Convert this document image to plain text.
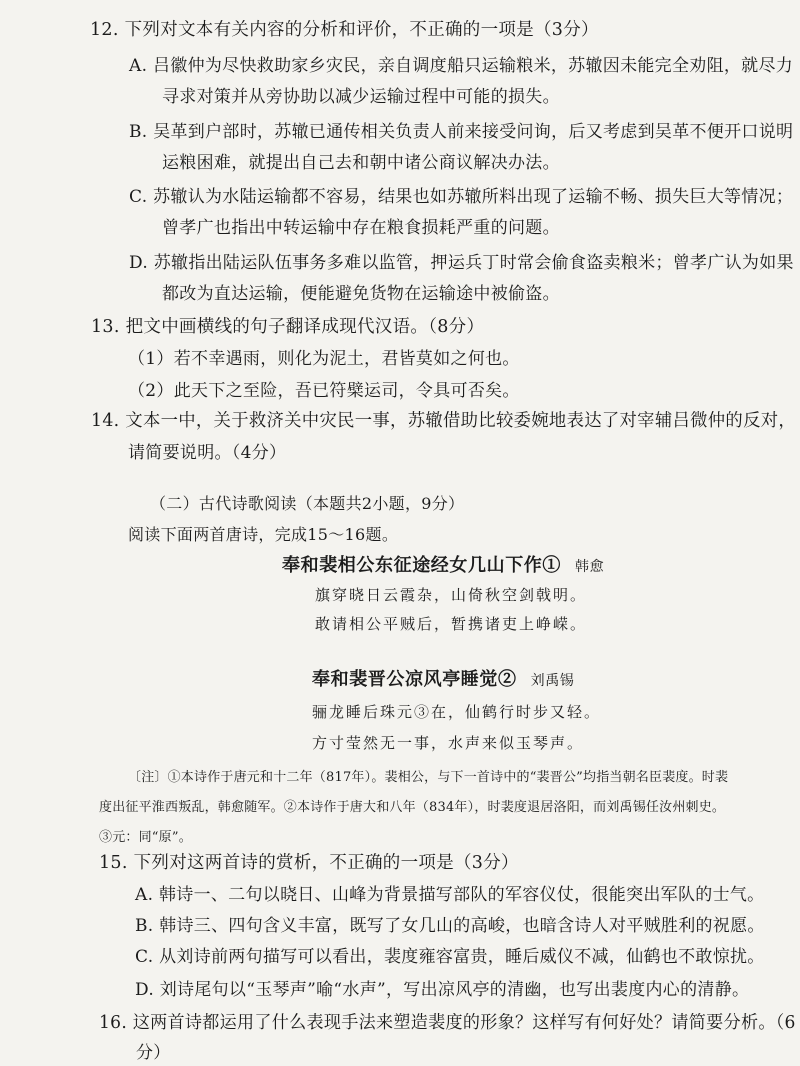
12. 下列对文本有关内容的分析和评价，不正确的一项是（3分）
A. 吕徽仲为尽快救助家乡灾民，亲自调度船只运输粮米，苏辙因未能完全劝阻，就尽力
寻求对策并从旁协助以减少运输过程中可能的损失。
B. 吴革到户部时，苏辙已通传相关负责人前来接受问询，后又考虑到吴革不便开口说明
运粮困难，就提出自己去和朝中诸公商议解决办法。
C. 苏辙认为水陆运输都不容易，结果也如苏辙所料出现了运输不畅、损失巨大等情况；
曾孝广也指出中转运输中存在粮食损耗严重的问题。
D. 苏辙指出陆运队伍事务多难以监管，押运兵丁时常会偷食盗卖粮米；曾孝广认为如果
都改为直达运输，便能避免货物在运输途中被偷盗。
13. 把文中画横线的句子翻译成现代汉语。（8分）
（1）若不幸遇雨，则化为泥土，君皆莫如之何也。
（2）此天下之至险，吾已符檗运司，令具可否矣。
14. 文本一中，关于救济关中灾民一事，苏辙借助比较委婉地表达了对宰辅吕微仲的反对，
请简要说明。（4分）
（二）古代诗歌阅读（本题共2小题，9分）
阅读下面两首唐诗，完成15～16题。
奉和裴相公东征途经女几山下作① 韩愈
旗穿晓日云霞杂，山倚秋空剑戟明。
敢请相公平贼后，暂携诸吏上峥嵘。
奉和裴晋公凉风亭睡觉② 刘禹锡
骊龙睡后珠元③在，仙鹤行时步又轻。
方寸莹然无一事，水声来似玉琴声。
〔注〕①本诗作于唐元和十二年（817年）。裴相公，与下一首诗中的“裴晋公”均指当朝名臣裴度。时裴
度出征平淮西叛乱，韩愈随军。②本诗作于唐大和八年（834年），时裴度退居洛阳，而刘禹锡任汝州刺史。
③元：同“原”。
15. 下列对这两首诗的赏析，不正确的一项是（3分）
A. 韩诗一、二句以晓日、山峰为背景描写部队的军容仪仗，很能突出军队的士气。
B. 韩诗三、四句含义丰富，既写了女几山的高峻，也暗含诗人对平贼胜利的祝愿。
C. 从刘诗前两句描写可以看出，裴度雍容富贵，睡后威仪不减，仙鹤也不敢惊扰。
D. 刘诗尾句以“玉琴声”喻“水声”，写出凉风亭的清幽，也写出裴度内心的清静。
16. 这两首诗都运用了什么表现手法来塑造裴度的形象？这样写有何好处？请简要分析。（6
分）
